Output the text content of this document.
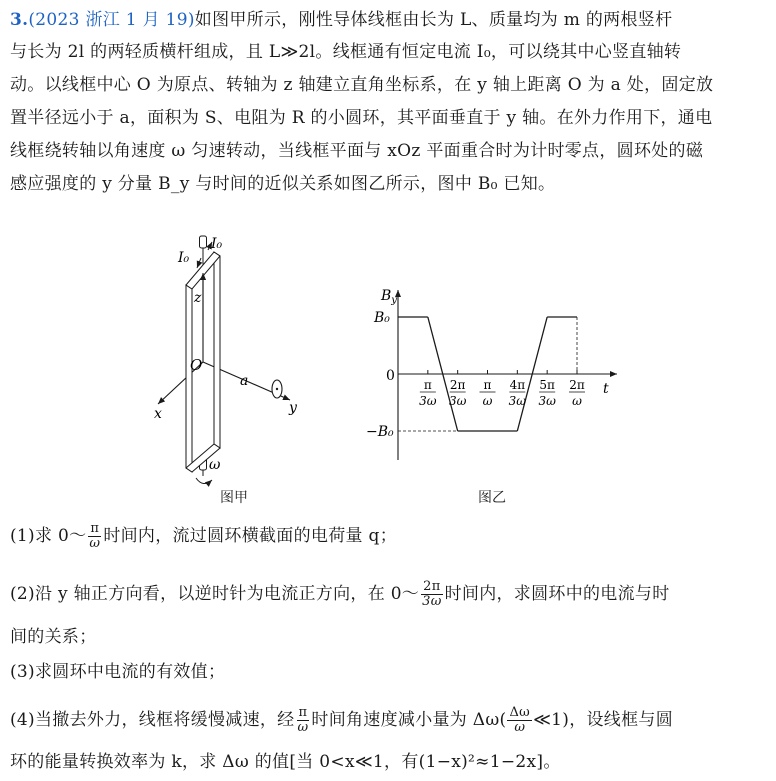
3.(2023 浙江 1 月 19)如图甲所示，刚性导体线框由长为 L、质量均为 m 的两根竖杆
与长为 2l 的两轻质横杆组成，且 L≫2l。线框通有恒定电流 I₀，可以绕其中心竖直轴转
动。以线框中心 O 为原点、转轴为 z 轴建立直角坐标系，在 y 轴上距离 O 为 a 处，固定放
置半径远小于 a，面积为 S、电阻为 R 的小圆环，其平面垂直于 y 轴。在外力作用下，通电
线框绕转轴以角速度 ω 匀速转动，当线框平面与 xOz 平面重合时为计时零点，圆环处的磁
感应强度的 y 分量 B_y 与时间的近似关系如图乙所示，图中 B₀ 已知。
I₀
I₀
z
O
x	y
a
ω
图甲
π
3ω
2π
3ω
π
ω
4π
3ω
5π
3ω
2π
ω
$B_y$
t
B₀
0
−B₀
图乙
(1)求 0～ $\frac{\pi}{\omega}$ 时间内，流过圆环横截面的电荷量 q；
(2)沿 y 轴正方向看，以逆时针为电流正方向，在 0～ $\frac{2\pi}{3\omega}$ 时间内，求圆环中的电流与时
间的关系；
(3)求圆环中电流的有效值；
(4)当撤去外力，线框将缓慢减速，经 $\frac{\pi}{\omega}$ 时间角速度减小量为 $\Delta\omega( \frac{\Delta\omega}{\omega}$ ≪1)，设线框与圆
环的能量转换效率为 k，求 Δω 的值[当 0<x≪1，有(1−x)²≈1−2x]。
